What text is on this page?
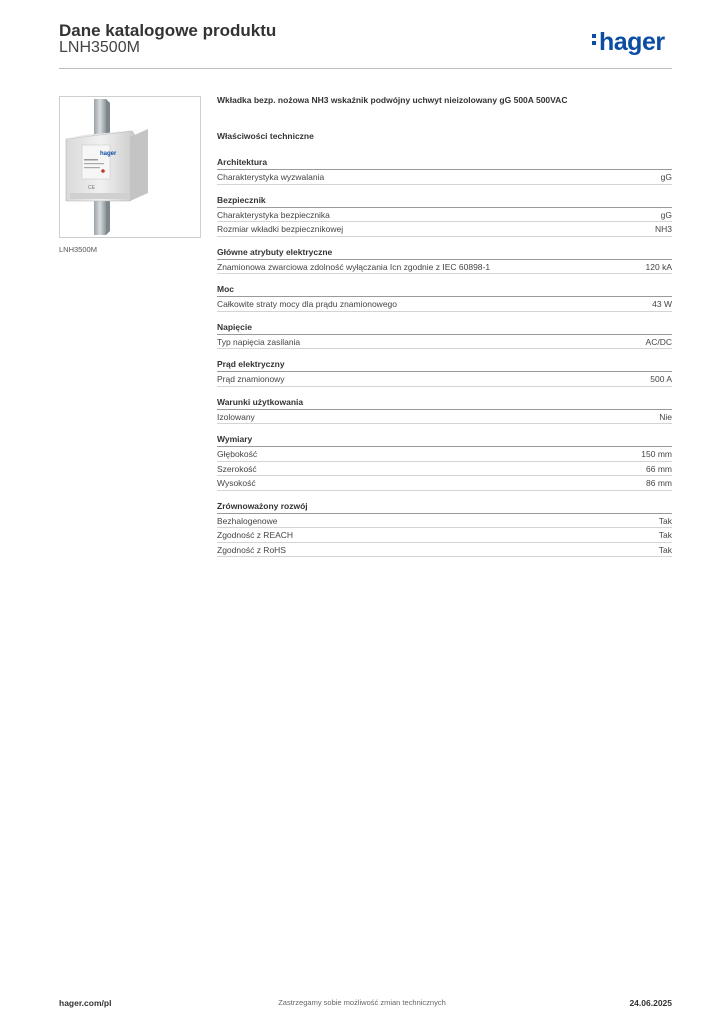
Dane katalogowe produktu
LNH3500M	hager
hager
CE
LNH3500M
Wkładka bezp. nożowa NH3 wskaźnik podwójny uchwyt nieizolowany gG 500A 500VAC
Właściwości techniczne
Architektura
Charakterystyka wyzwalania	gG
Bezpiecznik
Charakterystyka bezpiecznika	gG
Rozmiar wkładki bezpiecznikowej	NH3
Główne atrybuty elektryczne
Znamionowa zwarciowa zdolność wyłączania Icn zgodnie z IEC 60898-1	120 kA
Moc
Całkowite straty mocy dla prądu znamionowego	43 W
Napięcie
Typ napięcia zasilania	AC/DC
Prąd elektryczny
Prąd znamionowy	500 A
Warunki użytkowania
Izolowany	Nie
Wymiary
Głębokość	150 mm
Szerokość	66 mm
Wysokość	86 mm
Zrównoważony rozwój
Bezhalogenowe	Tak
Zgodność z REACH	Tak
Zgodność z RoHS	Tak
hager.com/pl	Zastrzegamy sobie możliwość zmian technicznych	24.06.2025
